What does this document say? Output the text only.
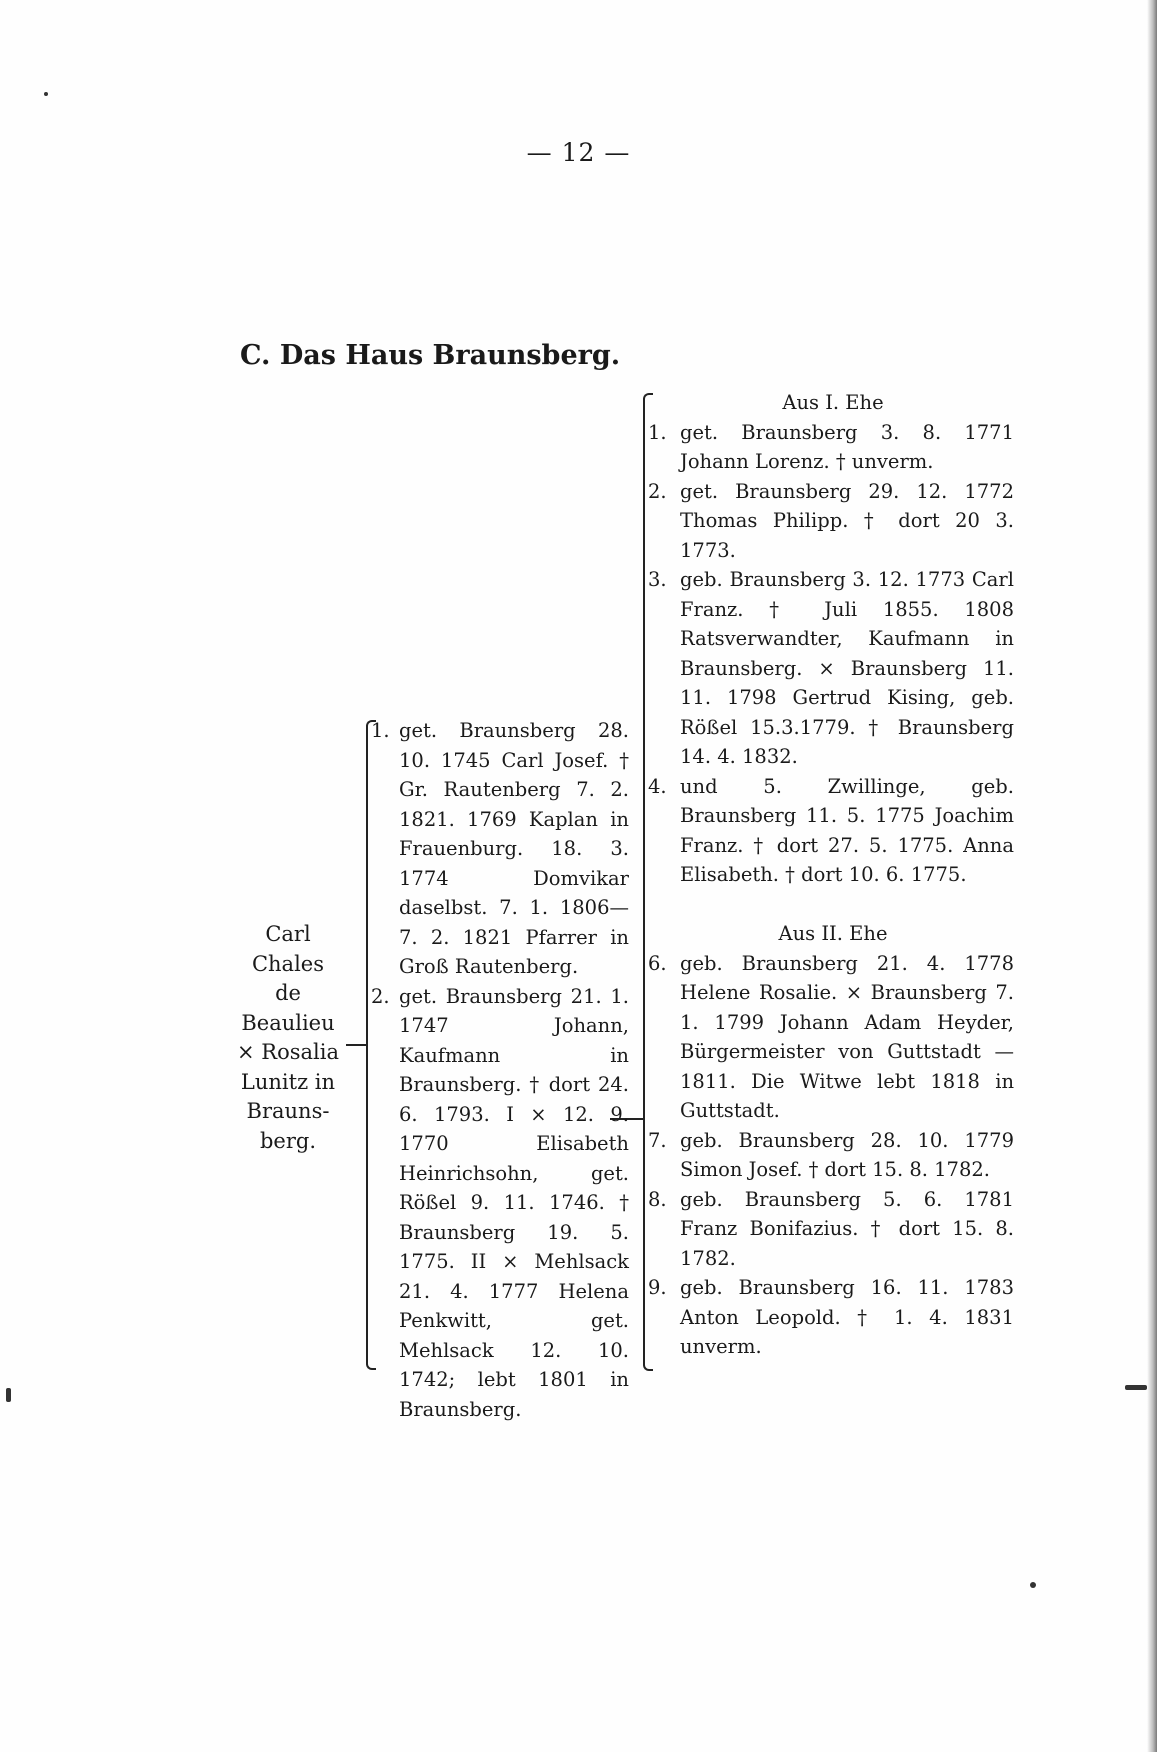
— 12 —
C. Das Haus Braunsberg.
Carl
Chales
de
Beaulieu
× Rosalia
Lunitz in
Brauns-
berg.
1. get. Braunsberg 28. 10. 1745 Carl Josef. † Gr. Rautenberg 7. 2. 1821. 1769 Kaplan in Frauenburg. 18. 3. 1774 Domvikar daselbst. 7. 1. 1806—7. 2. 1821 Pfarrer in Groß Rautenberg.
2. get. Braunsberg 21. 1. 1747 Johann, Kaufmann in Braunsberg. † dort 24. 6. 1793. I × 12. 9. 1770 Elisabeth Heinrichsohn, get. Rößel 9. 11. 1746. † Braunsberg 19. 5. 1775. II × Mehlsack 21. 4. 1777 Helena Penkwitt, get. Mehlsack 12. 10. 1742; lebt 1801 in Braunsberg.

Aus I. Ehe

1. get. Braunsberg 3. 8. 1771 Johann Lorenz. † unverm.
2. get. Braunsberg 29. 12. 1772 Thomas Philipp. † dort 20 3. 1773.
3. geb. Braunsberg 3. 12. 1773 Carl Franz. † Juli 1855. 1808 Ratsverwandter, Kaufmann in Braunsberg. × Braunsberg 11. 11. 1798 Gertrud Kising, geb. Rößel 15.3.1779. † Braunsberg 14. 4. 1832.
4. und 5. Zwillinge, geb. Braunsberg 11. 5. 1775 Joachim Franz. † dort 27. 5. 1775. Anna Elisabeth. † dort 10. 6. 1775.

Aus II. Ehe

6. geb. Braunsberg 21. 4. 1778 Helene Rosalie. × Braunsberg 7. 1. 1799 Johann Adam Heyder, Bürgermeister von Guttstadt — 1811. Die Witwe lebt 1818 in Guttstadt.
7. geb. Braunsberg 28. 10. 1779 Simon Josef. † dort 15. 8. 1782.
8. geb. Braunsberg 5. 6. 1781 Franz Bonifazius. † dort 15. 8. 1782.
9. geb. Braunsberg 16. 11. 1783 Anton Leopold. † 1. 4. 1831 unverm.
